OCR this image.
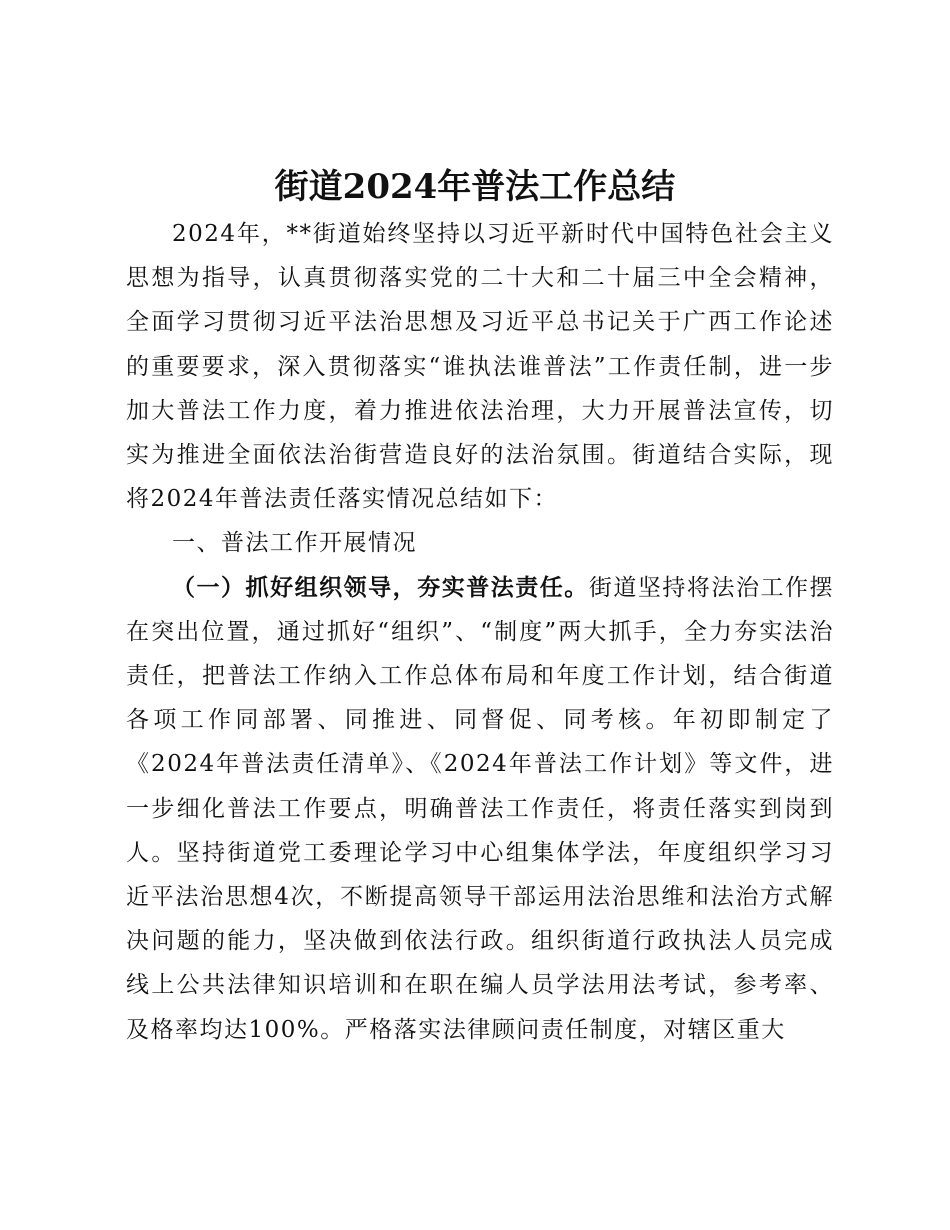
街道2024年普法工作总结

2024年，**街道始终坚持以习近平新时代中国特色社会主义思想为指导，认真贯彻落实党的二十大和二十届三中全会精神，全面学习贯彻习近平法治思想及习近平总书记关于广西工作论述的重要要求，深入贯彻落实“谁执法谁普法”工作责任制，进一步加大普法工作力度，着力推进依法治理，大力开展普法宣传，切实为推进全面依法治街营造良好的法治氛围。街道结合实际，现将2024年普法责任落实情况总结如下：

一、普法工作开展情况

（一）抓好组织领导，夯实普法责任。街道坚持将法治工作摆在突出位置，通过抓好“组织”、“制度”两大抓手，全力夯实法治责任，把普法工作纳入工作总体布局和年度工作计划，结合街道各项工作同部署、同推进、同督促、同考核。年初即制定了《2024年普法责任清单》、《2024年普法工作计划》等文件，进一步细化普法工作要点，明确普法工作责任，将责任落实到岗到人。坚持街道党工委理论学习中心组集体学法，年度组织学习习近平法治思想4次，不断提高领导干部运用法治思维和法治方式解决问题的能力，坚决做到依法行政。组织街道行政执法人员完成线上公共法律知识培训和在职在编人员学法用法考试，参考率、及格率均达100%。严格落实法律顾问责任制度，对辖区重大
